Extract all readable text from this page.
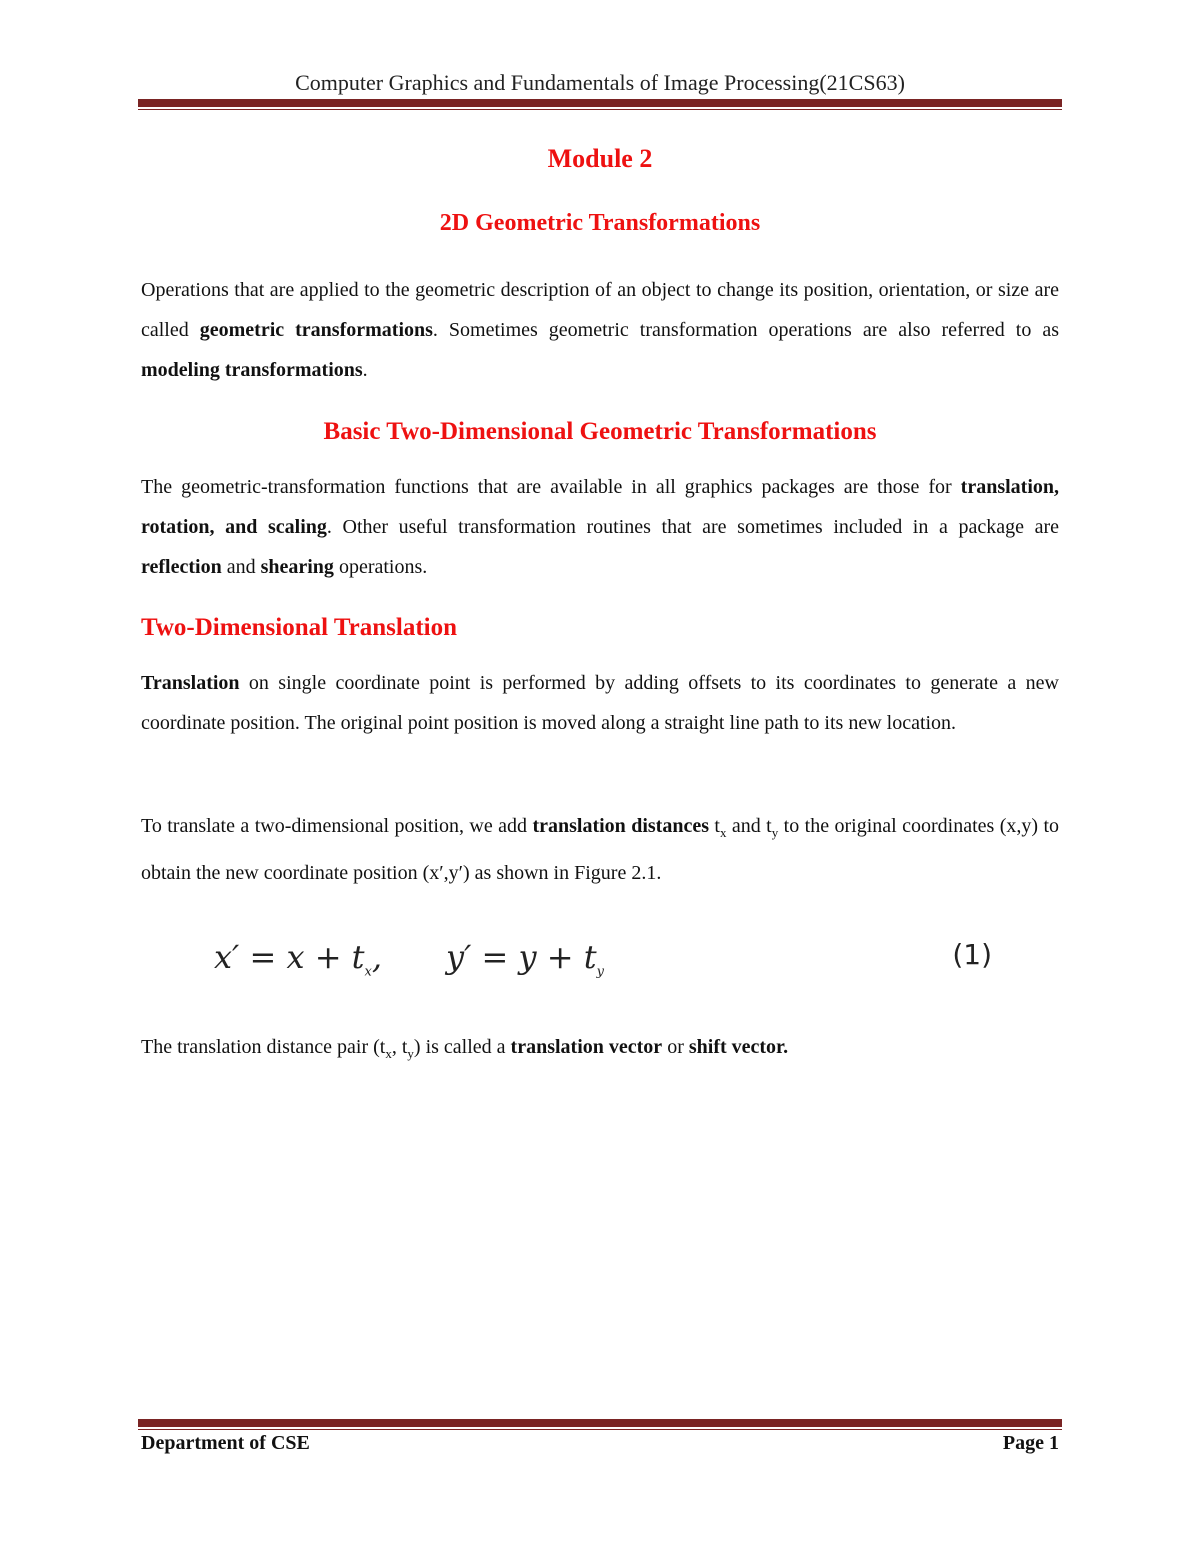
Computer Graphics and Fundamentals of Image Processing(21CS63)
Module 2
2D Geometric Transformations
Operations that are applied to the geometric description of an object to change its position, orientation, or size are called geometric transformations. Sometimes geometric transformation operations are also referred to as modeling transformations.
Basic Two-Dimensional Geometric Transformations
The geometric-transformation functions that are available in all graphics packages are those for translation, rotation, and scaling. Other useful transformation routines that are sometimes included in a package are reflection and shearing operations.
Two-Dimensional Translation
Translation on single coordinate point is performed by adding offsets to its coordinates to generate a new coordinate position. The original point position is moved along a straight line path to its new location.
To translate a two-dimensional position, we add translation distances $t_x$ and $t_y$ to the original coordinates (x,y) to obtain the new coordinate position (x′,y′) as shown in Figure 2.1.
$x' = x + t_x$, $y' = y + t_y$
(1)
The translation distance pair ($t_x$, $t_y$) is called a translation vector or shift vector.
Department of CSE	Page 1
